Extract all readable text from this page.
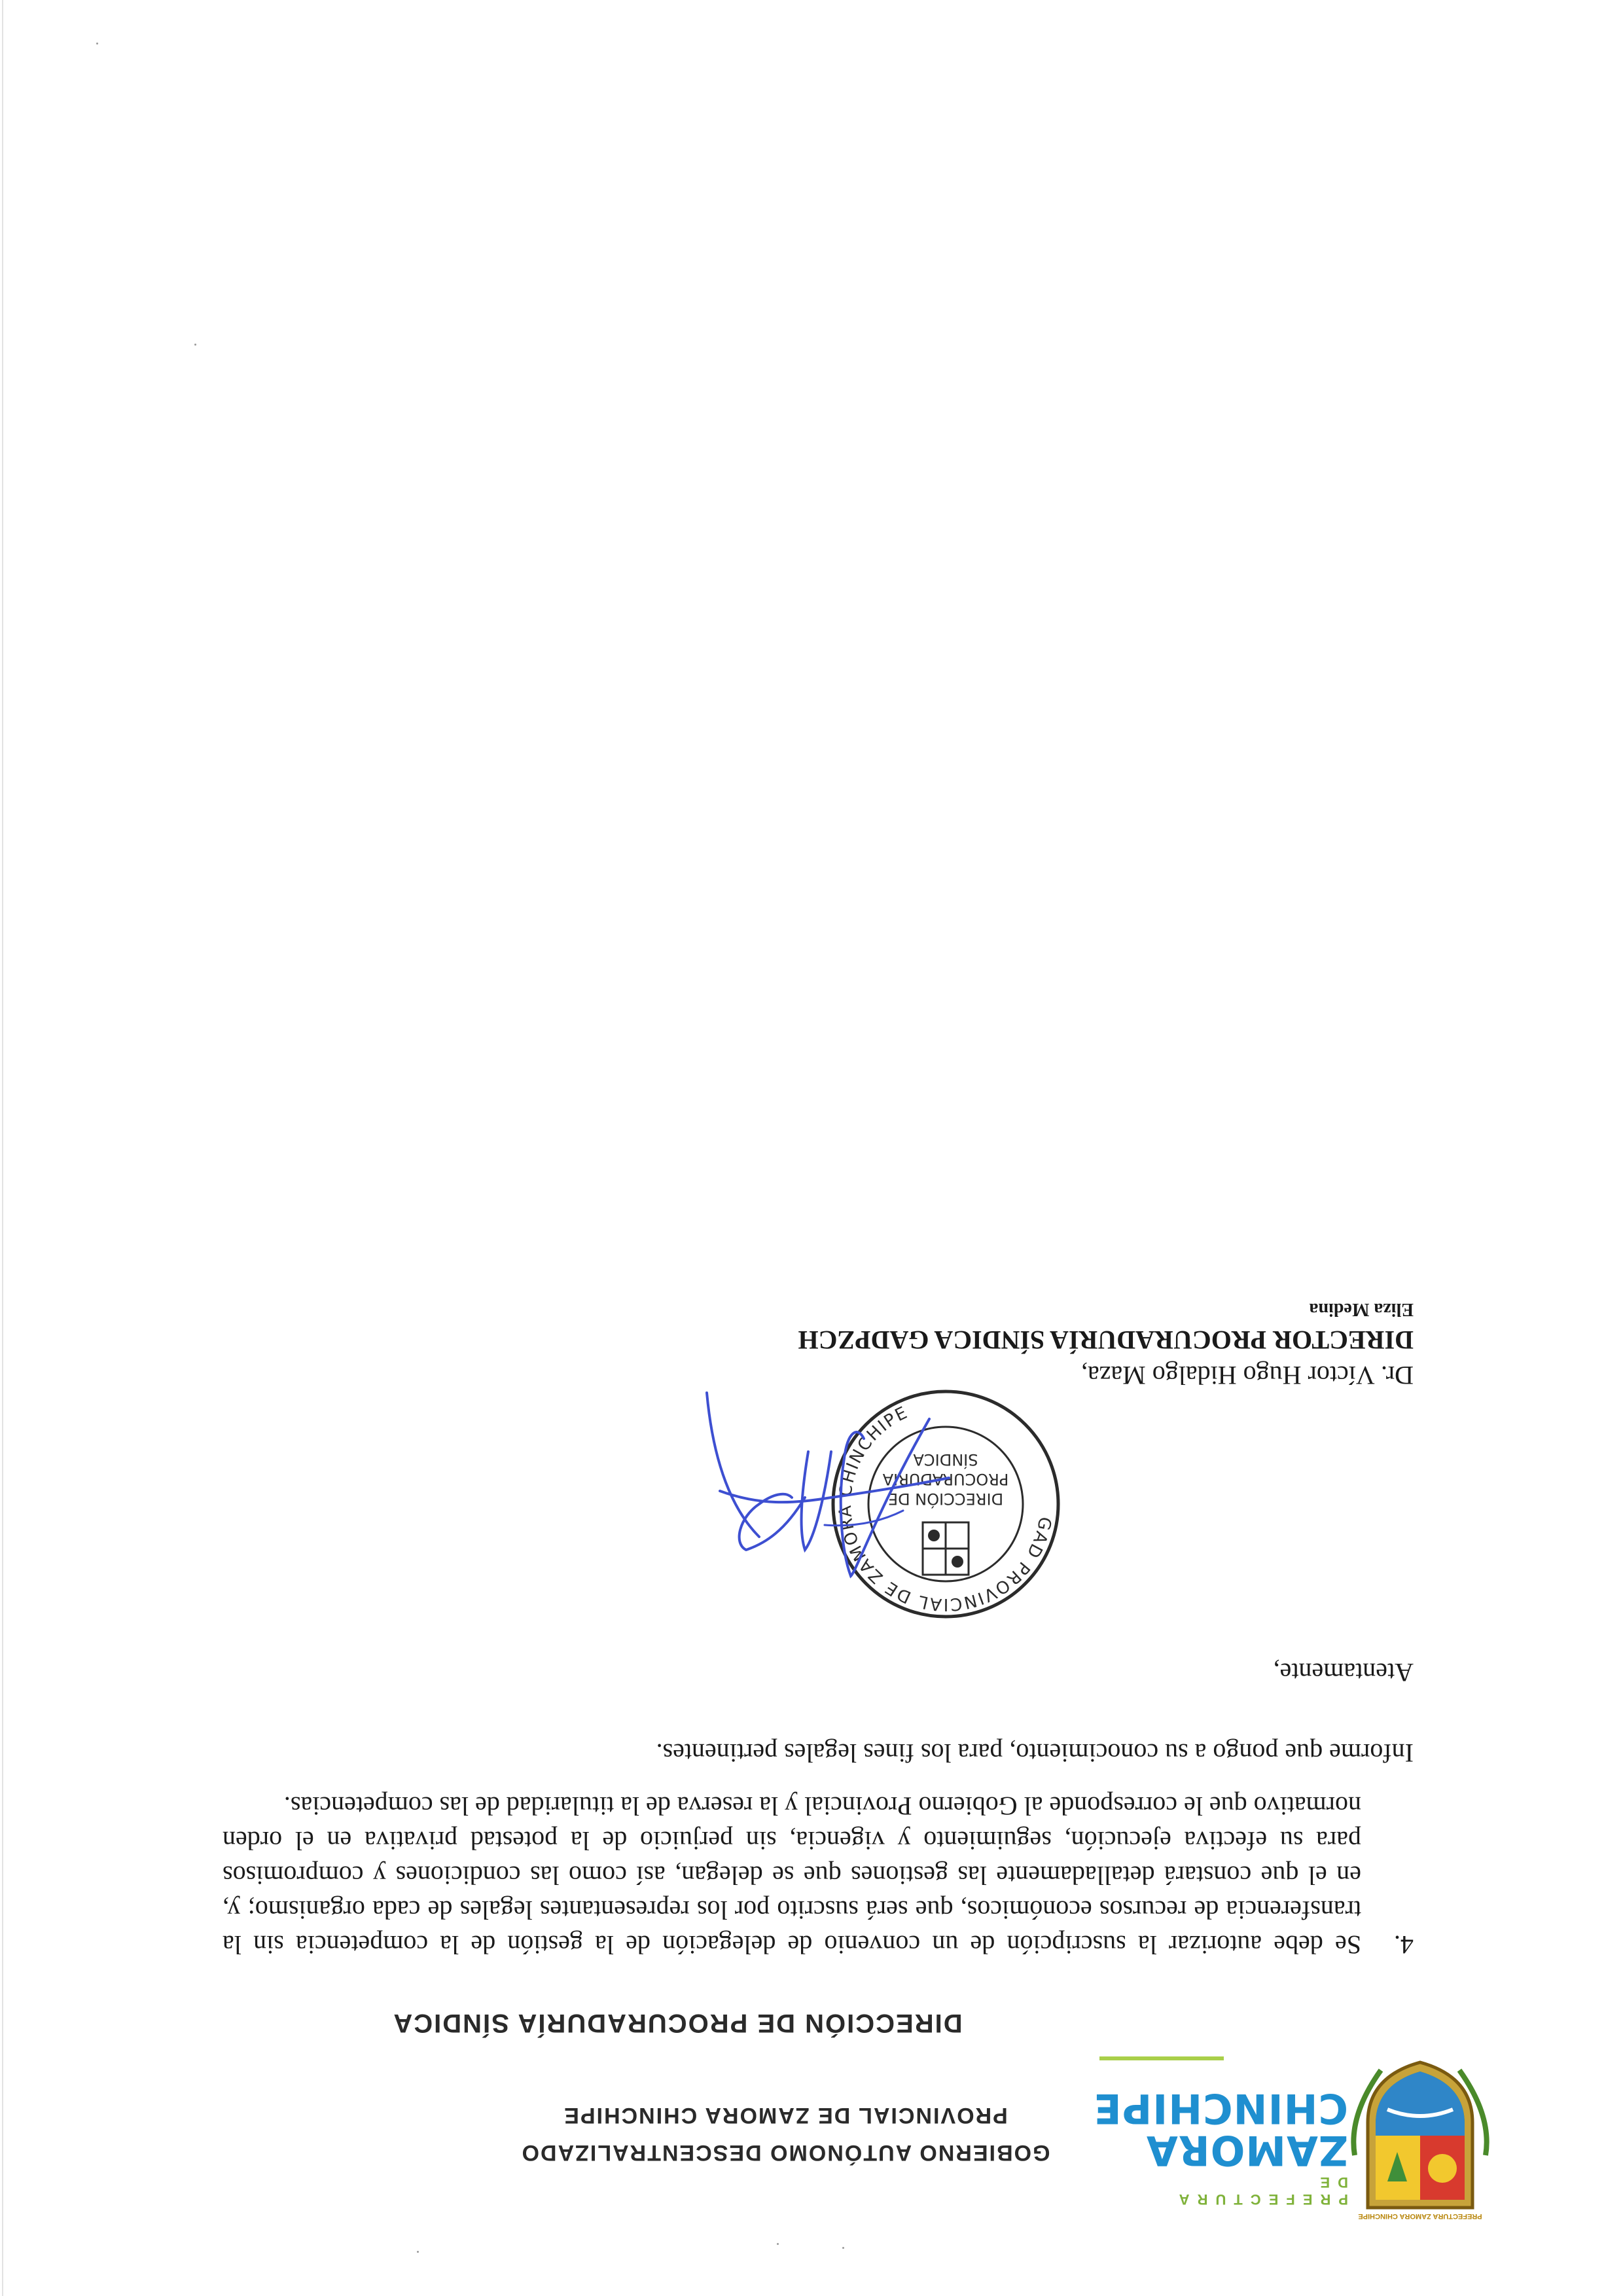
PREFECTURA ZAMORA CHINCHIPE
PREFECTURA DE
ZAMORA
CHINCHIPE
GOBIERNO AUTÓNOMO DESCENTRALIZADO
PROVINCIAL DE ZAMORA CHINCHIPE
DIRECCIÓN DE PROCURADURÍA SÍNDICA
4.
Se debe autorizar la suscripción de un convenio de delegación de la gestión de la competencia sin la transferencia de recursos económicos, que será suscrito por los representantes legales de cada organismo; y, en el que constará detalladamente las gestiones que se delegan, así como las condiciones y compromisos para su efectiva ejecución, seguimiento y vigencia, sin perjuicio de la potestad privativa en el orden normativo que le corresponde al Gobierno Provincial y la reserva de la titularidad de las competencias.
Informe que pongo a su conocimiento, para los fines legales pertinentes.
Atentamente,
GAD PROVINCIAL DE ZAMORA CHINCHIPE
DIRECCIÓN DE
PROCURADURÍA
SÍNDICA
Dr. Víctor Hugo Hidalgo Maza,
DIRECTOR PROCURADURÍA SÍNDICA GADPZCH
Eliza Medina
